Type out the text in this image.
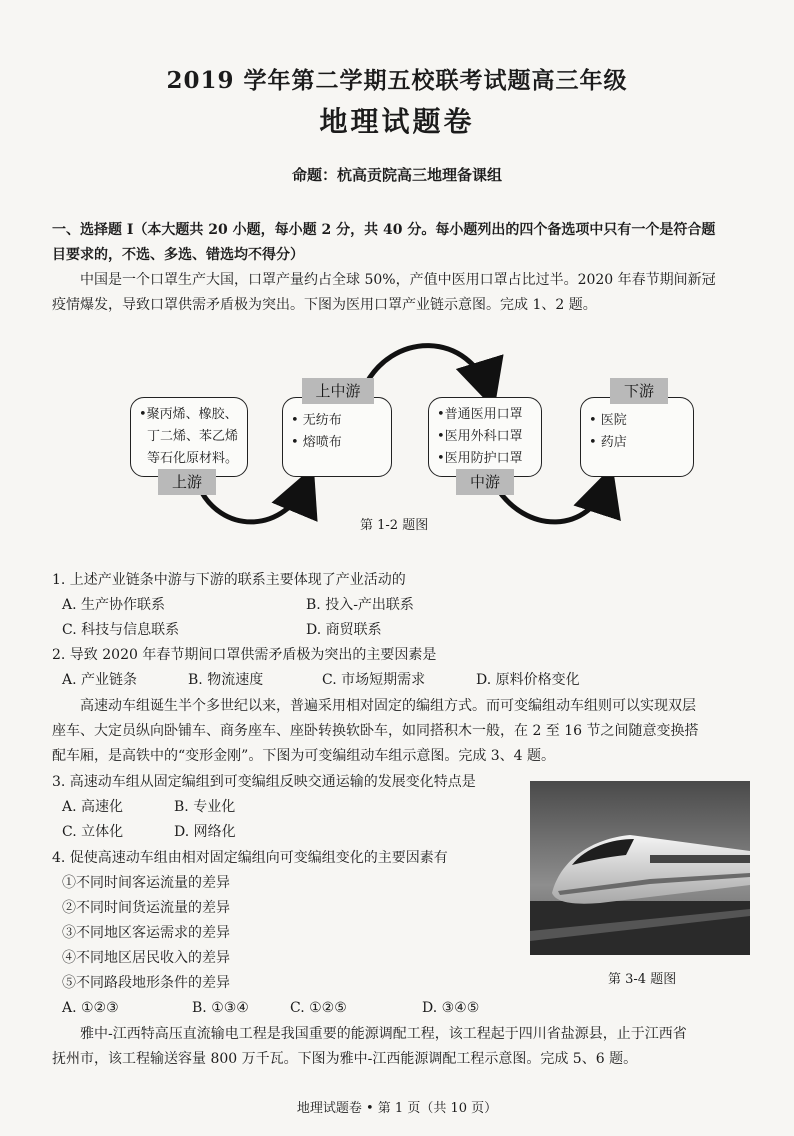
2019 学年第二学期五校联考试题高三年级
地理试题卷
命题：杭高贡院高三地理备课组
一、选择题 I（本大题共 20 小题，每小题 2 分，共 40 分。每小题列出的四个备选项中只有一个是符合题
目要求的，不选、多选、错选均不得分）
中国是一个口罩生产大国，口罩产量约占全球 50%，产值中医用口罩占比过半。2020 年春节期间新冠
疫情爆发，导致口罩供需矛盾极为突出。下图为医用口罩产业链示意图。完成 1、2 题。
•聚丙烯、橡胶、
丁二烯、苯乙烯
等石化原材料。
上游
• 无纺布
• 熔喷布
上中游
•普通医用口罩
•医用外科口罩
•医用防护口罩
中游
• 医院
• 药店
下游
第 1-2 题图
1. 上述产业链条中游与下游的联系主要体现了产业活动的
A. 生产协作联系	B. 投入-产出联系
C. 科技与信息联系	D. 商贸联系
2. 导致 2020 年春节期间口罩供需矛盾极为突出的主要因素是
A. 产业链条	B. 物流速度	C. 市场短期需求	D. 原料价格变化
高速动车组诞生半个多世纪以来，普遍采用相对固定的编组方式。而可变编组动车组则可以实现双层
座车、大定员纵向卧铺车、商务座车、座卧转换软卧车，如同搭积木一般，在 2 至 16 节之间随意变换搭
配车厢，是高铁中的“变形金刚”。下图为可变编组动车组示意图。完成 3、4 题。
3. 高速动车组从固定编组到可变编组反映交通运输的发展变化特点是
A. 高速化	B. 专业化
C. 立体化	D. 网络化
4. 促使高速动车组由相对固定编组向可变编组变化的主要因素有
①不同时间客运流量的差异
②不同时间货运流量的差异
③不同地区客运需求的差异
④不同地区居民收入的差异
⑤不同路段地形条件的差异
A. ①②③	B. ①③④	C. ①②⑤	D. ③④⑤
第 3-4 题图
雅中-江西特高压直流输电工程是我国重要的能源调配工程，该工程起于四川省盐源县，止于江西省
抚州市，该工程输送容量 800 万千瓦。下图为雅中-江西能源调配工程示意图。完成 5、6 题。
地理试题卷 • 第 1 页（共 10 页）
